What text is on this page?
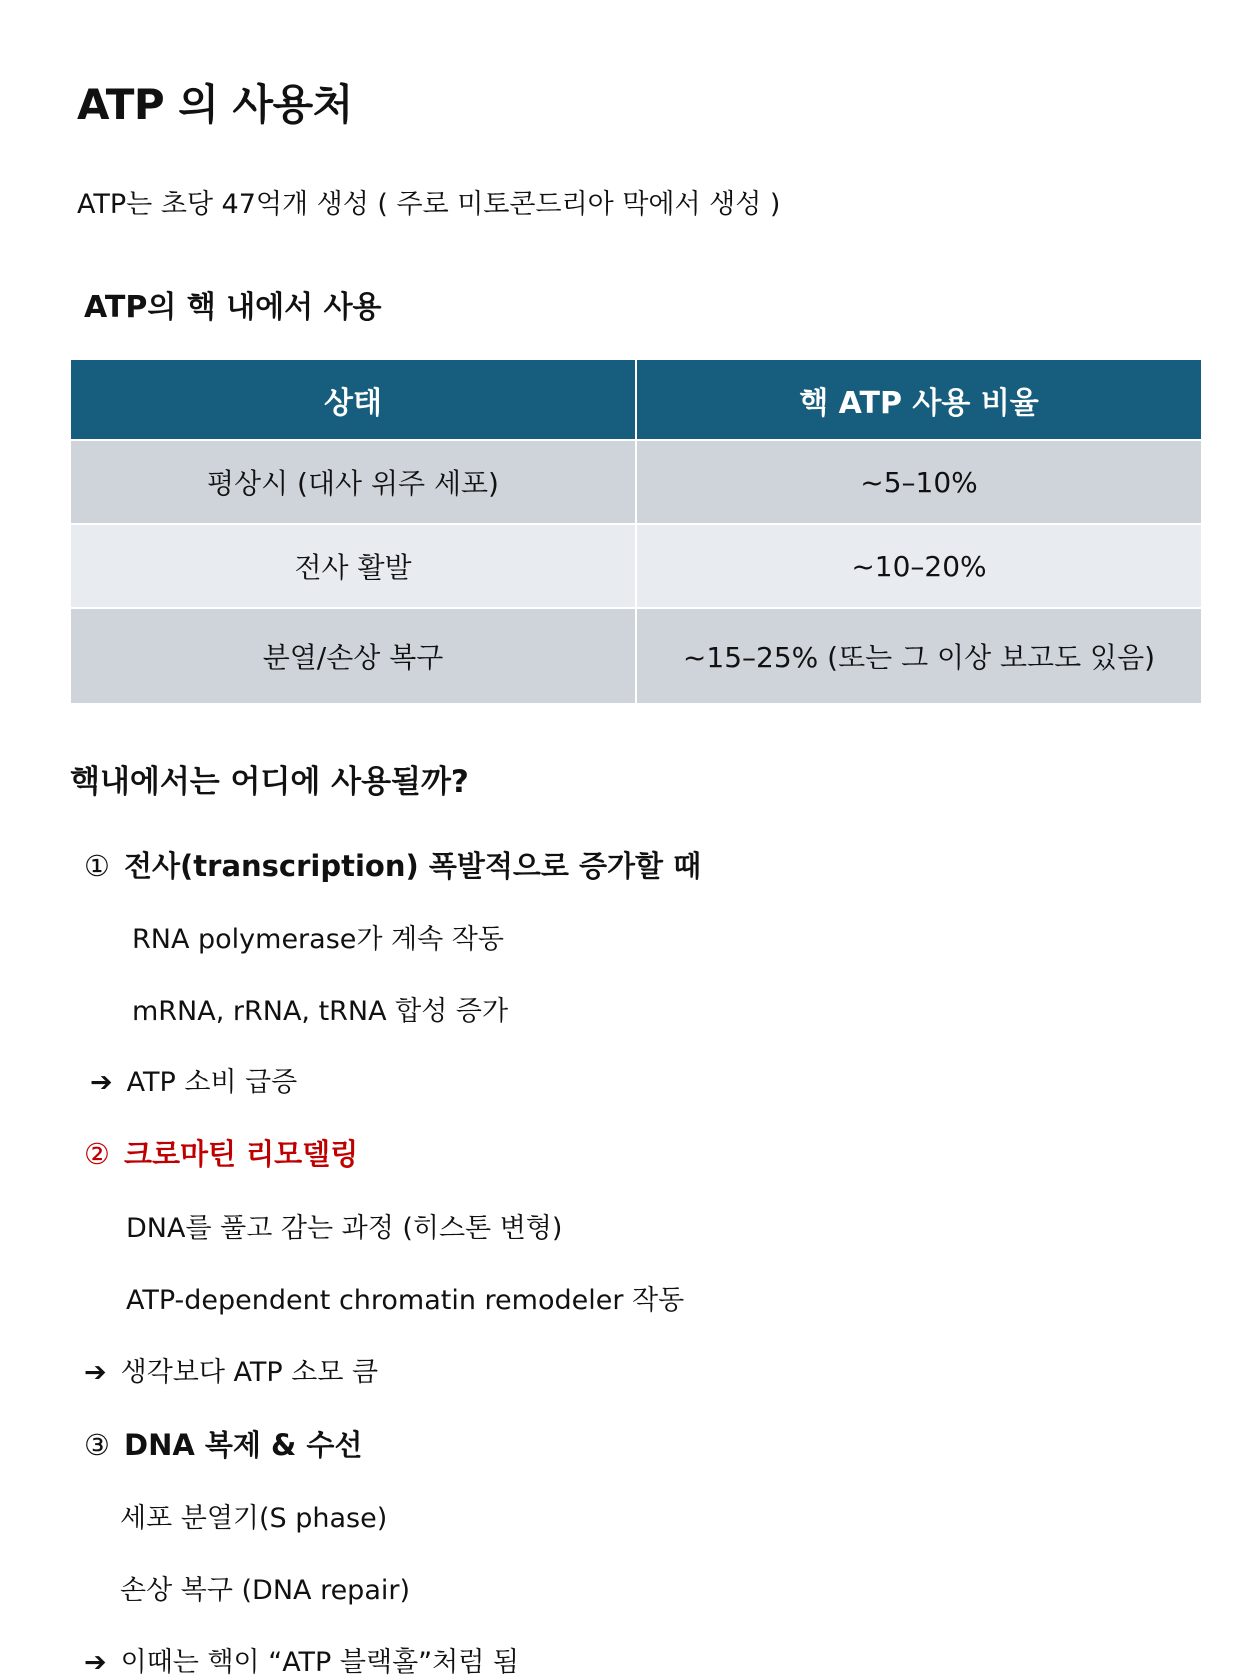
ATP 의 사용처
ATP는 초당 47억개 생성 ( 주로 미토콘드리아 막에서 생성 )
ATP의 핵 내에서 사용
상태	핵 ATP 사용 비율
평상시 (대사 위주 세포)	~5–10%
전사 활발	~10–20%
분열/손상 복구	~15–25% (또는 그 이상 보고도 있음)
핵내에서는 어디에 사용될까?
① 전사(transcription) 폭발적으로 증가할 때
RNA polymerase가 계속 작동
mRNA, rRNA, tRNA 합성 증가
➔ ATP 소비 급증
② 크로마틴 리모델링
DNA를 풀고 감는 과정 (히스톤 변형)
ATP-dependent chromatin remodeler 작동
➔ 생각보다 ATP 소모 큼
③ DNA 복제 & 수선
세포 분열기(S phase)
손상 복구 (DNA repair)
➔ 이때는 핵이 “ATP 블랙홀”처럼 됨
